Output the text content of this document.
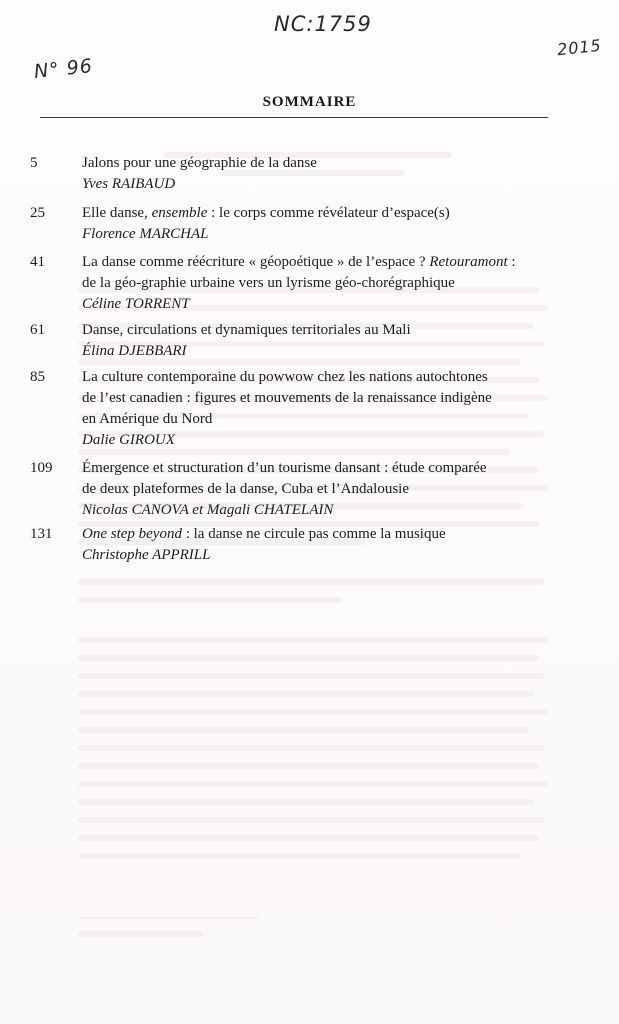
NC:1759
N° 96
2015
SOMMAIRE
5	Jalons pour une géographie de la danse
Yves RAIBAUD
25 Elle danse, ensemble : le corps comme révélateur d’espace(s)
Florence MARCHAL
41 La danse comme réécriture « géopoétique » de l’espace ? Retouramont :
de la géo-graphie urbaine vers un lyrisme géo-chorégraphique
Céline TORRENT
61 Danse, circulations et dynamiques territoriales au Mali
Élina DJEBBARI
85 La culture contemporaine du powwow chez les nations autochtones
de l’est canadien : figures et mouvements de la renaissance indigène
en Amérique du Nord
Dalie GIROUX
109 Émergence et structuration d’un tourisme dansant : étude comparée
de deux plateformes de la danse, Cuba et l’Andalousie
Nicolas CANOVA et Magali CHATELAIN
131 One step beyond : la danse ne circule pas comme la musique
Christophe APPRILL
